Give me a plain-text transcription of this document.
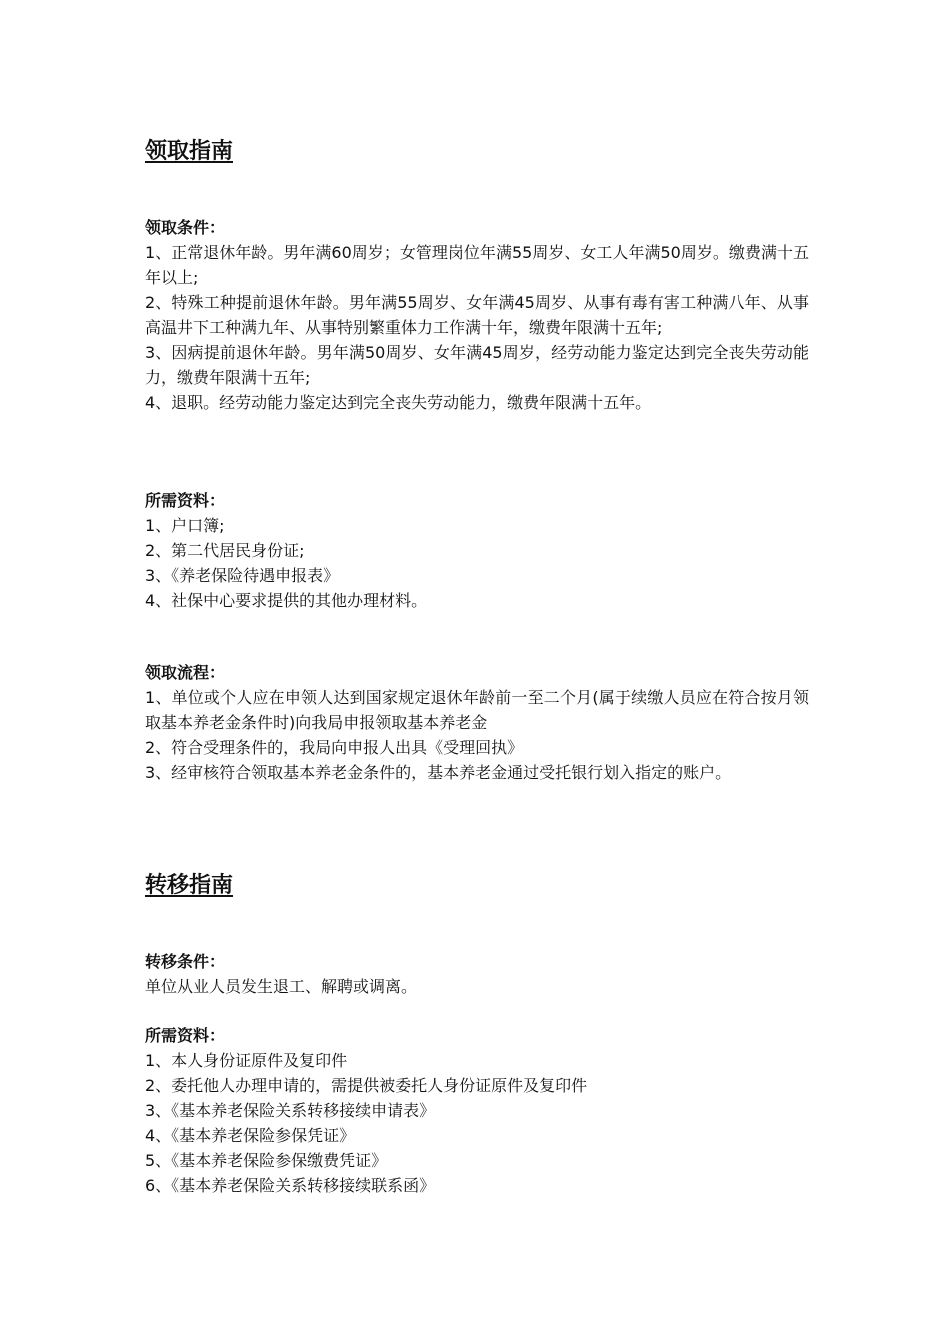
领取指南
领取条件：
1、正常退休年龄。男年满60周岁；女管理岗位年满55周岁、女工人年满50周岁。缴费满十五年以上;
2、特殊工种提前退休年龄。男年满55周岁、女年满45周岁、从事有毒有害工种满八年、从事高温井下工种满九年、从事特别繁重体力工作满十年，缴费年限满十五年;
3、因病提前退休年龄。男年满50周岁、女年满45周岁，经劳动能力鉴定达到完全丧失劳动能力，缴费年限满十五年;
4、退职。经劳动能力鉴定达到完全丧失劳动能力，缴费年限满十五年。
所需资料：
1、户口簿;
2、第二代居民身份证;
3、《养老保险待遇申报表》
4、社保中心要求提供的其他办理材料。
领取流程：
1、单位或个人应在申领人达到国家规定退休年龄前一至二个月(属于续缴人员应在符合按月领取基本养老金条件时)向我局申报领取基本养老金
2、符合受理条件的，我局向申报人出具《受理回执》
3、经审核符合领取基本养老金条件的，基本养老金通过受托银行划入指定的账户。
转移指南
转移条件：
单位从业人员发生退工、解聘或调离。
所需资料：
1、本人身份证原件及复印件
2、委托他人办理申请的，需提供被委托人身份证原件及复印件
3、《基本养老保险关系转移接续申请表》
4、《基本养老保险参保凭证》
5、《基本养老保险参保缴费凭证》
6、《基本养老保险关系转移接续联系函》
